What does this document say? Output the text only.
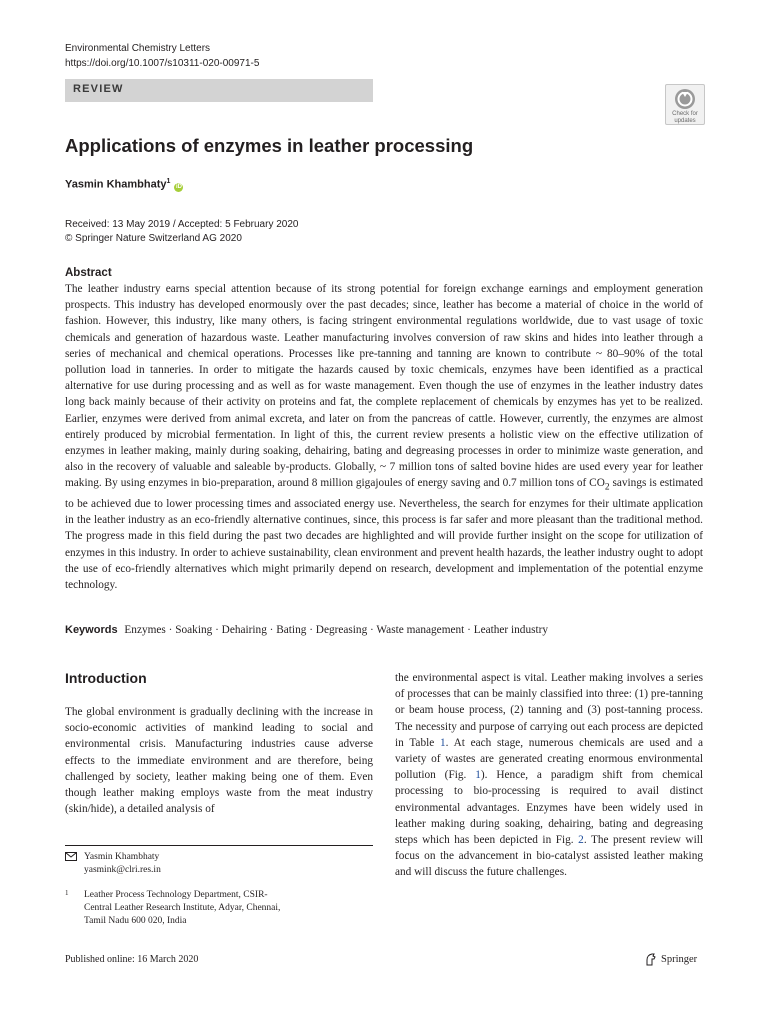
Environmental Chemistry Letters
https://doi.org/10.1007/s10311-020-00971-5
REVIEW
Check for
updates
Applications of enzymes in leather processing
Yasmin Khambhaty$^1$ iD
Received: 13 May 2019 / Accepted: 5 February 2020
© Springer Nature Switzerland AG 2020
Abstract
The leather industry earns special attention because of its strong potential for foreign exchange earnings and employment generation prospects. This industry has developed enormously over the past decades; since, leather has become a material of choice in the world of fashion. However, this industry, like many others, is facing stringent environmental regulations worldwide, due to vast usage of toxic chemicals and generation of hazardous waste. Leather manufacturing involves conversion of raw skins and hides into leather through a series of mechanical and chemical operations. Processes like pre-tanning and tanning are known to contribute ~ 80–90% of the total pollution load in tanneries. In order to mitigate the hazards caused by toxic chemicals, enzymes have been identified as a practical alternative for use during processing and as well as for waste management. Even though the use of enzymes in the leather industry dates long back mainly because of their activity on proteins and fat, the complete replacement of chemicals by enzymes has yet to be realized. Earlier, enzymes were derived from animal excreta, and later on from the pancreas of cattle. However, currently, the enzymes are almost entirely produced by microbial fermentation. In light of this, the current review presents a holistic view on the effective utilization of enzymes in leather making, mainly during soaking, dehairing, bating and degreasing processes in order to minimize waste generation, and also in the recovery of valuable and saleable by-products. Globally, ~ 7 million tons of salted bovine hides are used every year for leather making. By using enzymes in bio-preparation, around 8 million gigajoules of energy saving and 0.7 million tons of $CO_2$ savings is estimated to be achieved due to lower processing times and associated energy use. Nevertheless, the search for enzymes for their ultimate application in the leather industry as an eco-friendly alternative continues, since, this process is far safer and more pleasant than the traditional method. The progress made in this field during the past two decades are highlighted and will provide further insight on the scope for utilization of enzymes in this industry. In order to achieve sustainability, clean environment and prevent health hazards, the leather industry ought to adopt the use of eco-friendly alternatives which might primarily depend on research, development and implementation of the potential enzyme technology.
Keywords Enzymes · Soaking · Dehairing · Bating · Degreasing · Waste management · Leather industry
Introduction
The global environment is gradually declining with the increase in socio-economic activities of mankind leading to social and environmental crisis. Manufacturing industries cause adverse effects to the immediate environment and are therefore, being challenged by society, leather making being one of them. Even though leather making employs waste from the meat industry (skin/hide), a detailed analysis of
the environmental aspect is vital. Leather making involves a series of processes that can be mainly classified into three: (1) pre-tanning or beam house process, (2) tanning and (3) post-tanning process. The necessity and purpose of carrying out each process are depicted in Table 1. At each stage, numerous chemicals are used and a variety of wastes are generated creating enormous environmental pollution (Fig. 1). Hence, a paradigm shift from chemical processing to bio-processing is required to avail distinct environmental advantages. Enzymes have been widely used in leather making during soaking, dehairing, bating and degreasing steps which has been depicted in Fig. 2. The present review will focus on the advancement in bio-catalyst assisted leather making and will discuss the future challenges.
Yasmin Khambhaty
yasmink@clri.res.in
1 Leather Process Technology Department, CSIR-
Central Leather Research Institute, Adyar, Chennai,
Tamil Nadu 600 020, India
Published online: 16 March 2020	Springer
